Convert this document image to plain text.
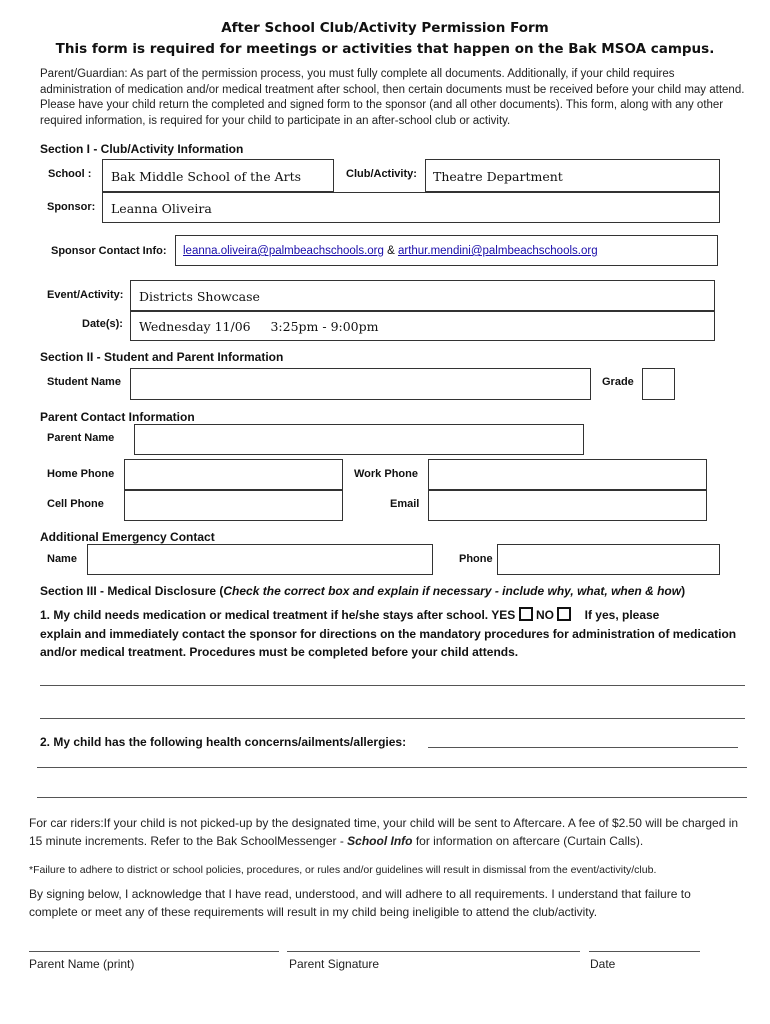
After School Club/Activity Permission Form
This form is required for meetings or activities that happen on the Bak MSOA campus.
Parent/Guardian: As part of the permission process, you must fully complete all documents. Additionally, if your child requires administration of medication and/or medical treatment after school, then certain documents must be received before your child may attend. Please have your child return the completed and signed form to the sponsor (and all other documents). This form, along with any other required information, is required for your child to participate in an after-school club or activity.
Section I - Club/Activity Information
School : Bak Middle School of the Arts	Club/Activity: Theatre Department
Sponsor: Leanna Oliveira
Sponsor Contact Info: leanna.oliveira@palmbeachschools.org & arthur.mendini@palmbeachschools.org
Event/Activity: Districts Showcase
Date(s): Wednesday 11/06     3:25pm - 9:00pm
Section II - Student and Parent Information
Student Name	Grade
Parent Contact Information
Parent Name
Home Phone	Work Phone
Cell Phone	Email
Additional Emergency Contact
Name	Phone
Section III - Medical Disclosure (Check the correct box and explain if necessary - include why, what, when & how)
1. My child needs medication or medical treatment if he/she stays after school. YES NO	If yes, please
explain and immediately contact the sponsor for directions on the mandatory procedures for administration of medication and/or medical treatment. Procedures must be completed before your child attends.
2. My child has the following health concerns/ailments/allergies:
For car riders:If your child is not picked-up by the designated time, your child will be sent to Aftercare. A fee of $2.50 will be charged in 15 minute increments. Refer to the Bak SchoolMessenger - School Info for information on aftercare (Curtain Calls).
*Failure to adhere to district or school policies, procedures, or rules and/or guidelines will result in dismissal from the event/activity/club.
By signing below, I acknowledge that I have read, understood, and will adhere to all requirements. I understand that failure to complete or meet any of these requirements will result in my child being ineligible to attend the club/activity.
Parent Name (print)	Parent Signature	Date
